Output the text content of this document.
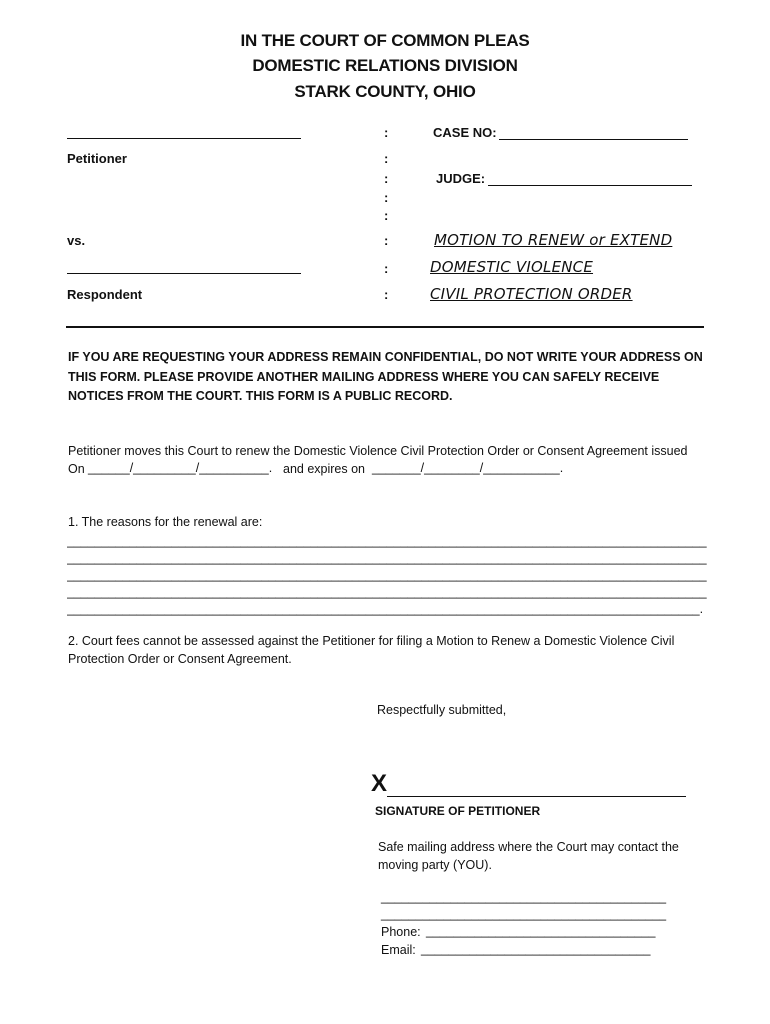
IN THE COURT OF COMMON PLEAS
DOMESTIC RELATIONS DIVISION
STARK COUNTY, OHIO
Petitioner
vs.
Respondent
:
:
:
:
:
:
:
:
CASE NO:
JUDGE:
MOTION TO RENEW or EXTEND
DOMESTIC VIOLENCE
CIVIL PROTECTION ORDER
IF YOU ARE REQUESTING YOUR ADDRESS REMAIN CONFIDENTIAL, DO NOT WRITE YOUR ADDRESS ON THIS FORM. PLEASE PROVIDE ANOTHER MAILING ADDRESS WHERE YOU CAN SAFELY RECEIVE NOTICES FROM THE COURT. THIS FORM IS A PUBLIC RECORD.
Petitioner moves this Court to renew the Domestic Violence Civil Protection Order or Consent Agreement issued
On ______/_________/__________. and expires on _______/________/___________.
1. The reasons for the renewal are:
____________________________________________________________________________________________
____________________________________________________________________________________________
____________________________________________________________________________________________
____________________________________________________________________________________________
___________________________________________________________________________________________.
2. Court fees cannot be assessed against the Petitioner for filing a Motion to Renew a Domestic Violence Civil Protection Order or Consent Agreement.
Respectfully submitted,
X
SIGNATURE OF PETITIONER
Safe mailing address where the Court may contact the moving party (YOU).
_________________________________________
_________________________________________
Phone: _________________________________
Email: _________________________________
